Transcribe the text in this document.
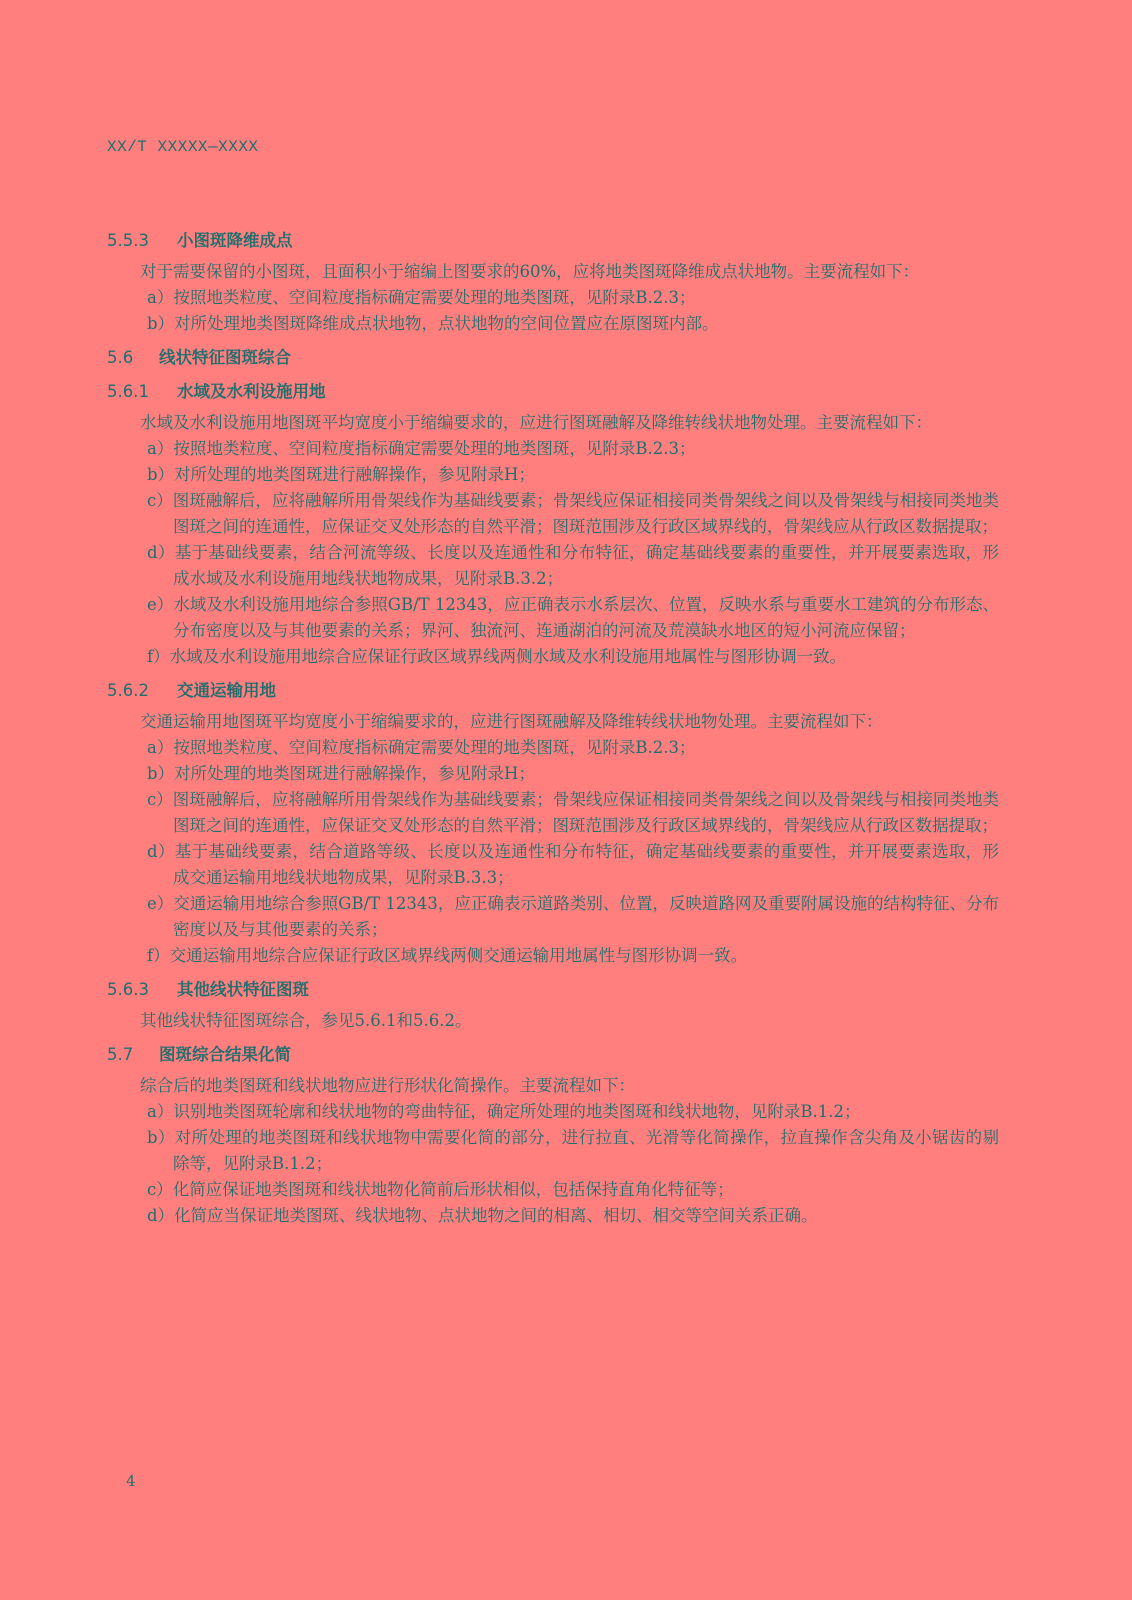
XX/T XXXXX—XXXX
5.5.3 小图斑降维成点

对于需要保留的小图斑，且面积小于缩编上图要求的60%，应将地类图斑降维成点状地物。主要流程如下：

a）按照地类粒度、空间粒度指标确定需要处理的地类图斑，见附录B.2.3；
b）对所处理地类图斑降维成点状地物，点状地物的空间位置应在原图斑内部。
5.6 线状特征图斑综合
5.6.1 水域及水利设施用地

水域及水利设施用地图斑平均宽度小于缩编要求的，应进行图斑融解及降维转线状地物处理。主要流程如下：

a）按照地类粒度、空间粒度指标确定需要处理的地类图斑，见附录B.2.3；
b）对所处理的地类图斑进行融解操作，参见附录H；
c）图斑融解后，应将融解所用骨架线作为基础线要素；骨架线应保证相接同类骨架线之间以及骨架线与相接同类地类图斑之间的连通性，应保证交叉处形态的自然平滑；图斑范围涉及行政区域界线的，骨架线应从行政区数据提取；
d）基于基础线要素，结合河流等级、长度以及连通性和分布特征，确定基础线要素的重要性，并开展要素选取，形成水域及水利设施用地线状地物成果，见附录B.3.2；
e）水域及水利设施用地综合参照GB/T 12343，应正确表示水系层次、位置，反映水系与重要水工建筑的分布形态、分布密度以及与其他要素的关系；界河、独流河、连通湖泊的河流及荒漠缺水地区的短小河流应保留；
f）水域及水利设施用地综合应保证行政区域界线两侧水域及水利设施用地属性与图形协调一致。
5.6.2 交通运输用地

交通运输用地图斑平均宽度小于缩编要求的，应进行图斑融解及降维转线状地物处理。主要流程如下：

a）按照地类粒度、空间粒度指标确定需要处理的地类图斑，见附录B.2.3；
b）对所处理的地类图斑进行融解操作，参见附录H；
c）图斑融解后，应将融解所用骨架线作为基础线要素；骨架线应保证相接同类骨架线之间以及骨架线与相接同类地类图斑之间的连通性，应保证交叉处形态的自然平滑；图斑范围涉及行政区域界线的，骨架线应从行政区数据提取；
d）基于基础线要素，结合道路等级、长度以及连通性和分布特征，确定基础线要素的重要性，并开展要素选取，形成交通运输用地线状地物成果，见附录B.3.3；
e）交通运输用地综合参照GB/T 12343，应正确表示道路类别、位置，反映道路网及重要附属设施的结构特征、分布密度以及与其他要素的关系；
f）交通运输用地综合应保证行政区域界线两侧交通运输用地属性与图形协调一致。
5.6.3 其他线状特征图斑

其他线状特征图斑综合，参见5.6.1和5.6.2。

5.7 图斑综合结果化简

综合后的地类图斑和线状地物应进行形状化简操作。主要流程如下：

a）识别地类图斑轮廓和线状地物的弯曲特征，确定所处理的地类图斑和线状地物，见附录B.1.2；
b）对所处理的地类图斑和线状地物中需要化简的部分，进行拉直、光滑等化简操作，拉直操作含尖角及小锯齿的剔除等，见附录B.1.2；
c）化简应保证地类图斑和线状地物化简前后形状相似，包括保持直角化特征等；
d）化简应当保证地类图斑、线状地物、点状地物之间的相离、相切、相交等空间关系正确。
4
